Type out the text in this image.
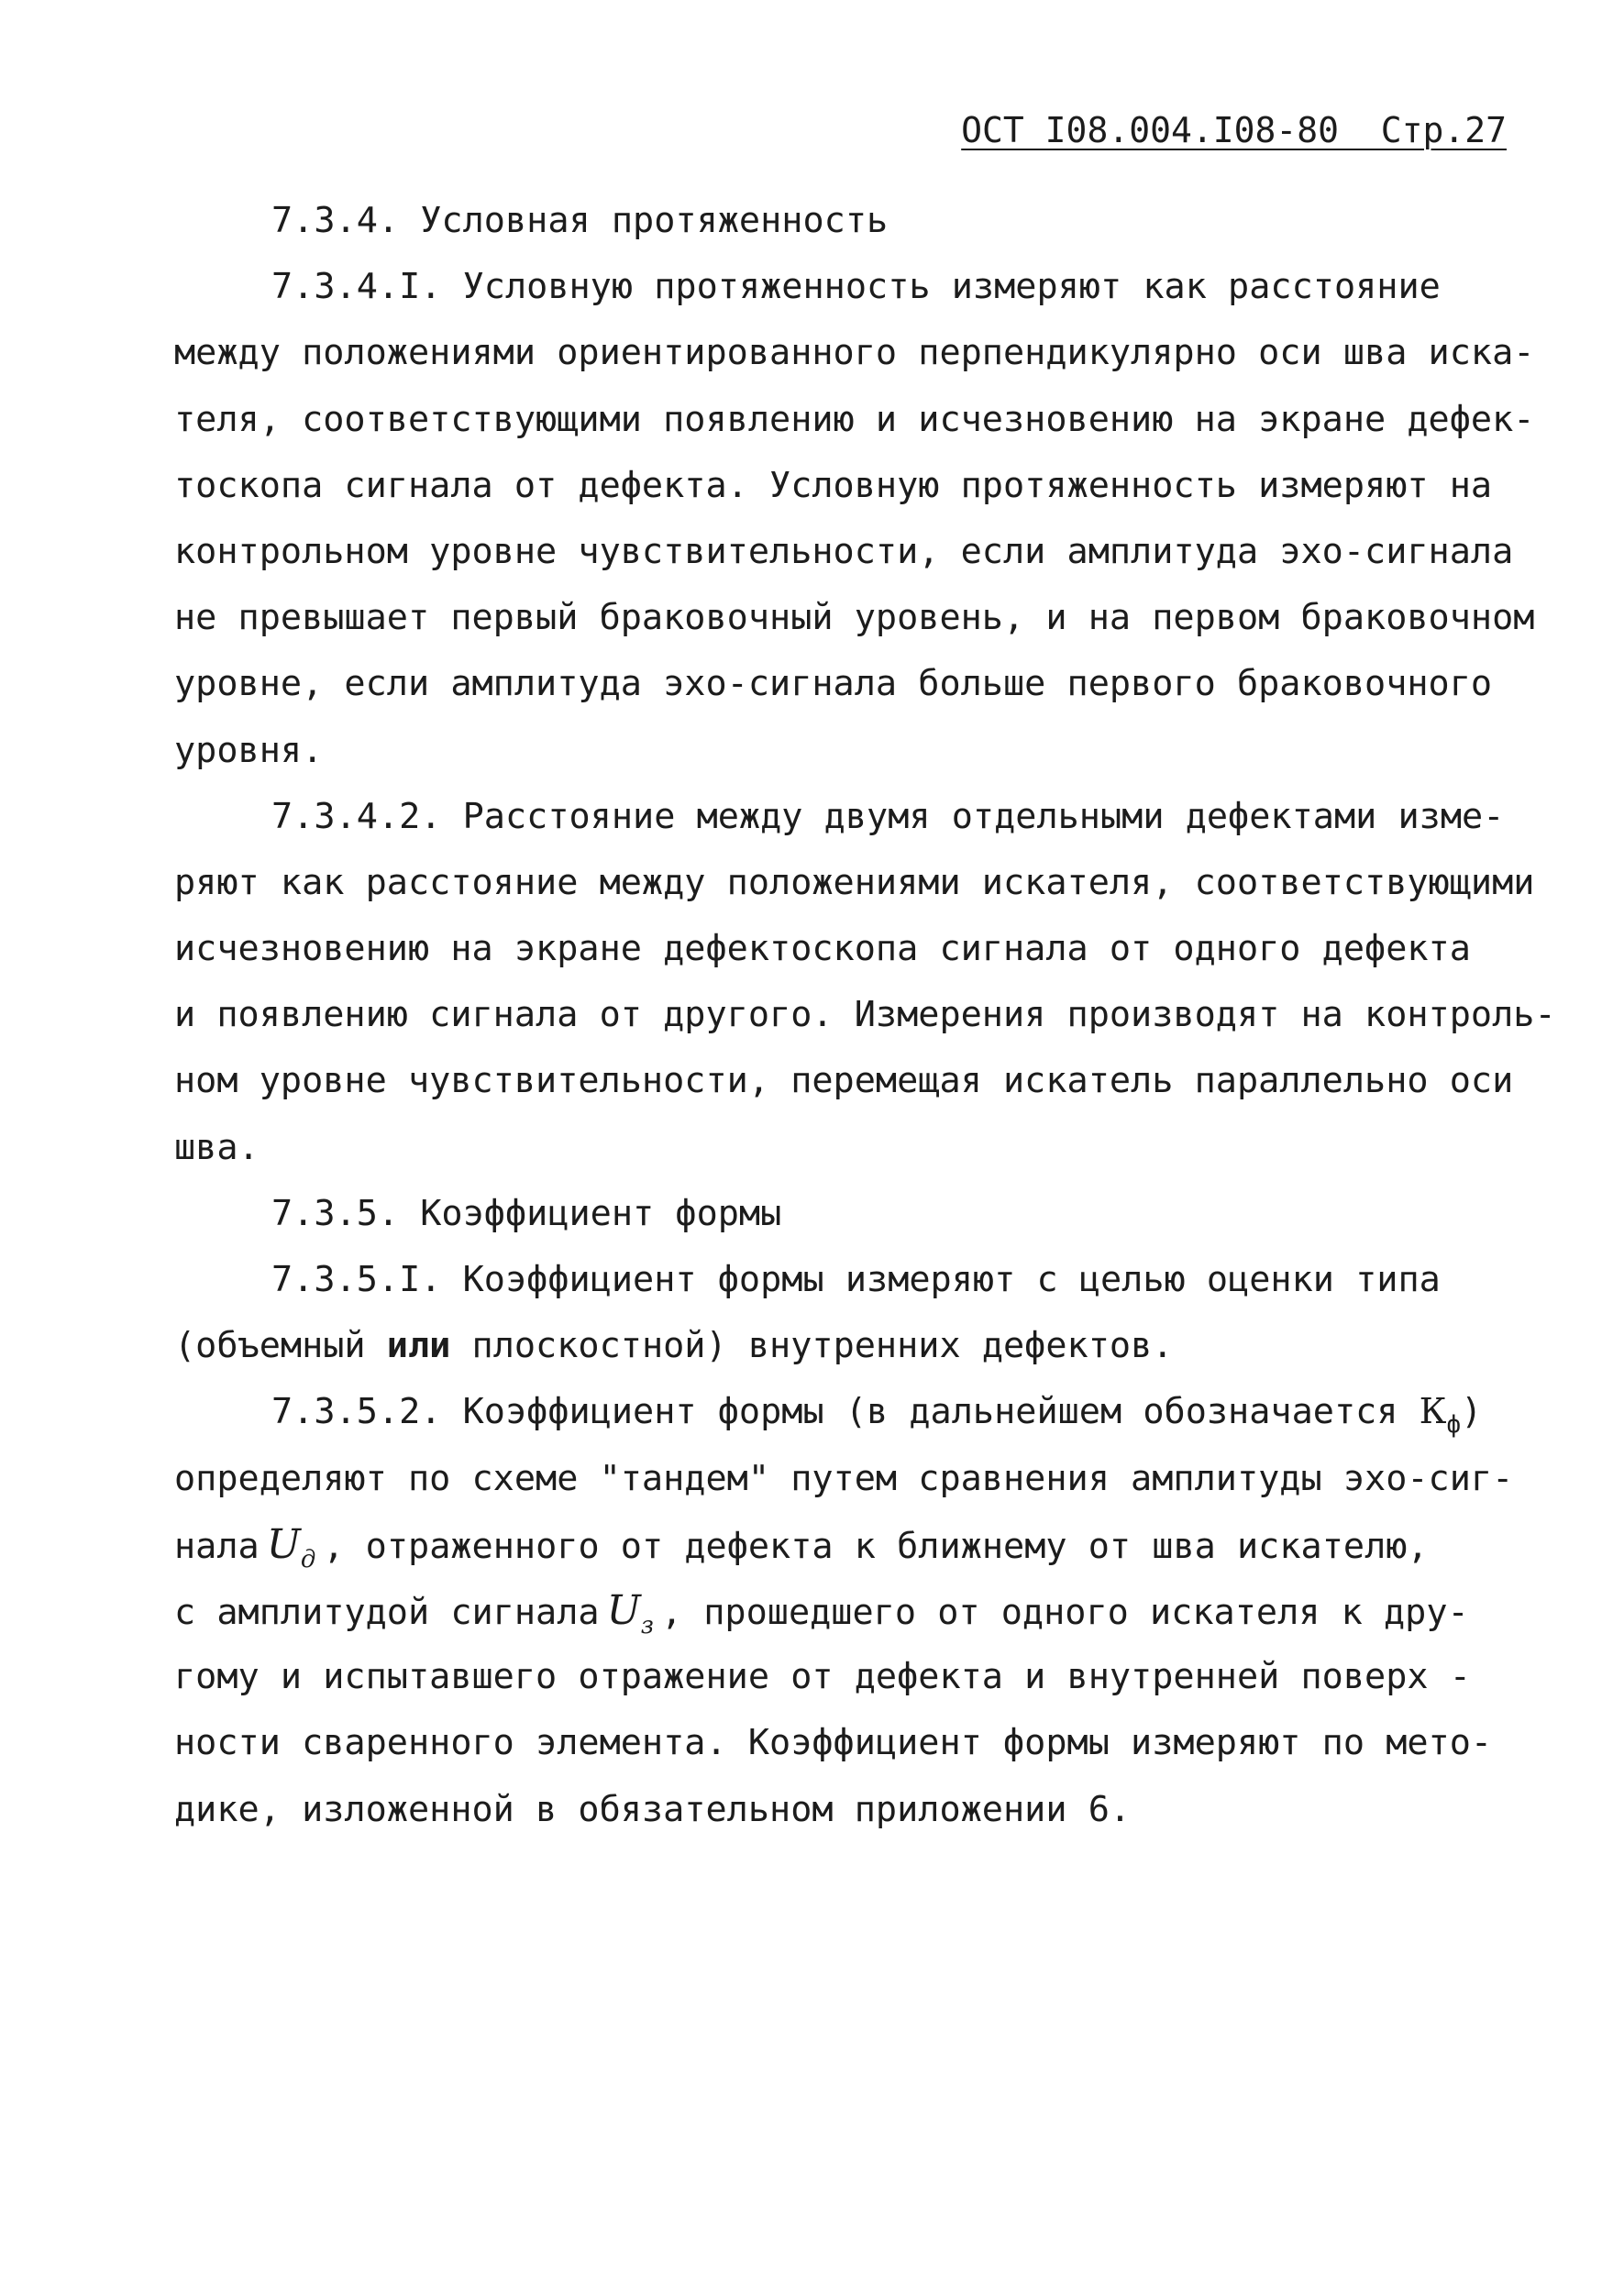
ОСТ I08.004.I08-80  Стр.27
7.3.4. Условная протяженность
7.3.4.I. Условную протяженность измеряют как расстояние
между положениями ориентированного перпендикулярно оси шва иска-
теля, соответствующими появлению и исчезновению на экране дефек-
тоскопа сигнала от дефекта. Условную протяженность измеряют на
контрольном уровне чувствительности, если амплитуда эхо-сигнала
не превышает первый браковочный уровень, и на первом браковочном
уровне, если амплитуда эхо-сигнала больше первого браковочного
уровня.
7.3.4.2. Расстояние между двумя отдельными дефектами изме-
ряют как расстояние между положениями искателя, соответствующими
исчезновению на экране дефектоскопа сигнала от одного дефекта
и появлению сигнала от другого. Измерения производят на контроль-
ном уровне чувствительности, перемещая искатель параллельно оси
шва.
7.3.5. Коэффициент формы
7.3.5.I. Коэффициент формы измеряют с целью оценки типа
(объемный или плоскостной) внутренних дефектов.
7.3.5.2. Коэффициент формы (в дальнейшем обозначается $К_ф$)
определяют по схеме "тандем" путем сравнения амплитуды эхо-сиг-
нала $U_д$ , отраженного от дефекта к ближнему от шва искателю,
с амплитудой сигнала $U_з$ , прошедшего от одного искателя к дру-
гому и испытавшего отражение от дефекта и внутренней поверх -
ности сваренного элемента. Коэффициент формы измеряют по мето-
дике, изложенной в обязательном приложении 6.
